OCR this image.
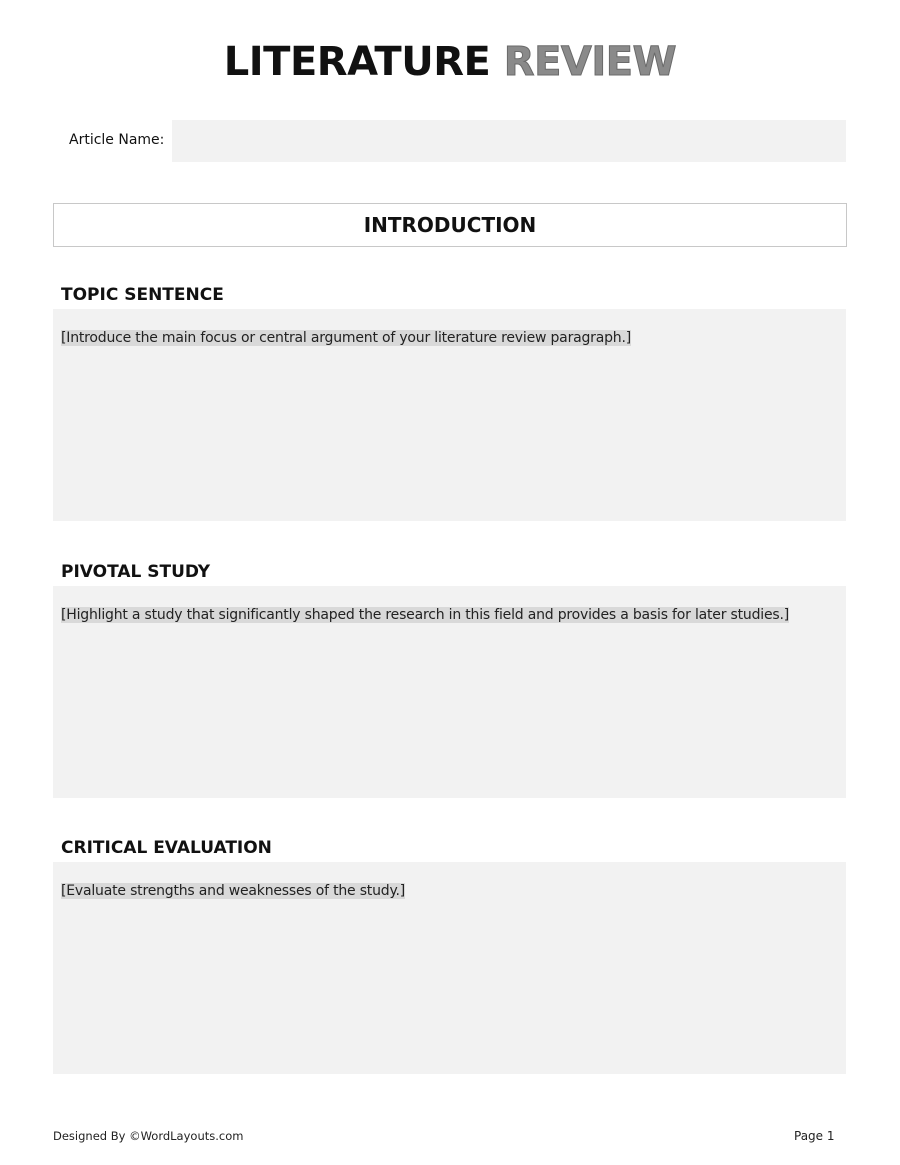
LITERATURE REVIEW
Article Name:
INTRODUCTION
TOPIC SENTENCE
[Introduce the main focus or central argument of your literature review paragraph.]
PIVOTAL STUDY
[Highlight a study that significantly shaped the research in this field and provides a basis for later studies.]
CRITICAL EVALUATION
[Evaluate strengths and weaknesses of the study.]
Designed By ©WordLayouts.com	Page 1
